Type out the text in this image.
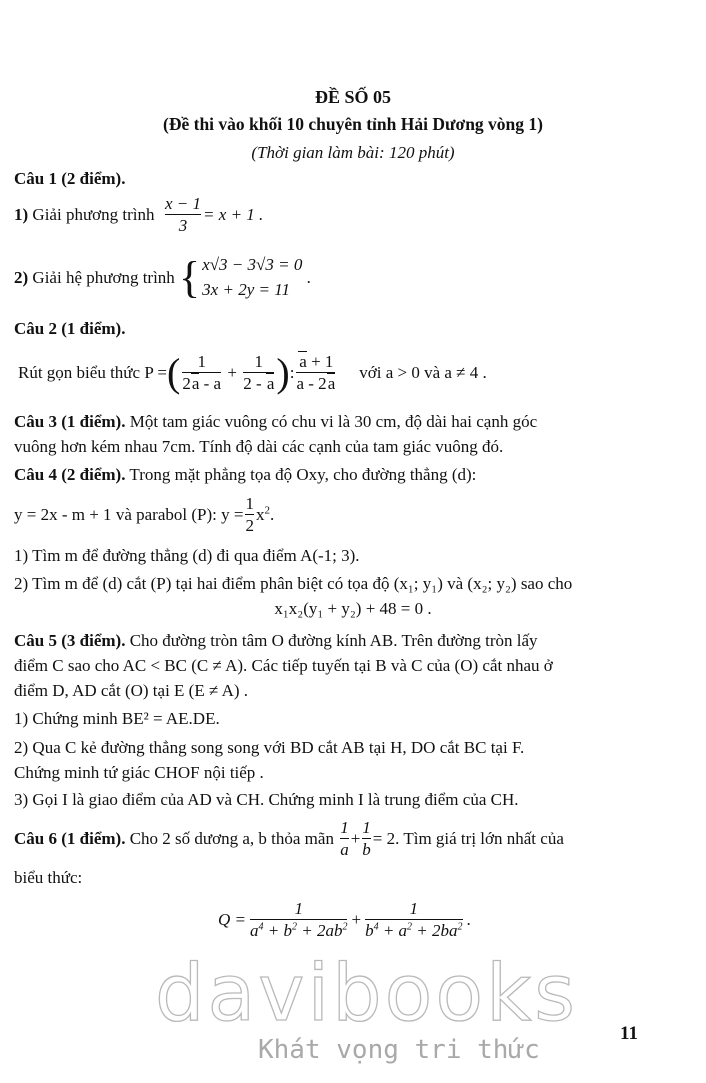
ĐỀ SỐ 05
(Đề thi vào khối 10 chuyên tỉnh Hải Dương vòng 1)
(Thời gian làm bài: 120 phút)
Câu 1 (2 điểm).
1)
Giải phương trình
$\frac{x - 1}{3} = x + 1$ .
2)
Giải hệ phương trình
{ x√3 − 3√3 = 0
3x + 2y = 11
.
Câu 2 (1 điểm).
Rút gọn biểu thức
P = ( $\frac{1}{2a - a} + \frac{1}{2 - a}$ ) : $\frac{a + 1}{a - 2a}$ với a > 0 và a ≠ 4 .
Câu 3 (1 điểm). Một tam giác vuông có chu vi là 30 cm, độ dài hai cạnh góc
vuông hơn kém nhau 7cm. Tính độ dài các cạnh của tam giác vuông đó.
Câu 4 (2 điểm). Trong mặt phẳng tọa độ Oxy, cho đường thẳng (d):
y = 2x - m + 1
và parabol (P):
$y = \frac{1}{2} x^2$.
1) Tìm m để đường thẳng (d) đi qua điểm A(-1; 3).
2) Tìm m để (d) cắt (P) tại hai điểm phân biệt có tọa độ (x₁; y₁) và (x₂; y₂) sao cho
x₁x₂(y₁ + y₂) + 48 = 0 .
Câu 5 (3 điểm). Cho đường tròn tâm O đường kính AB. Trên đường tròn lấy
điểm C sao cho AC < BC (C ≠ A). Các tiếp tuyến tại B và C của (O) cắt nhau ở
điểm D, AD cắt (O) tại E (E ≠ A) .
1) Chứng minh BE² = AE.DE.
2) Qua C kẻ đường thẳng song song với BD cắt AB tại H, DO cắt BC tại F.
Chứng minh tứ giác CHOF nội tiếp .
3) Gọi I là giao điểm của AD và CH. Chứng minh I là trung điểm của CH.
Câu 6 (1 điểm).
Cho 2 số dương a, b thỏa mãn
$\frac{1}{a} + \frac{1}{b} = 2$ . Tìm giá trị lớn nhất của
biểu thức:
$Q = \frac{1}{a^4 + b^2 + 2ab^2} + \frac{1}{b^4 + a^2 + 2ba^2}$ .
davibooks
Khát vọng tri thức
11
